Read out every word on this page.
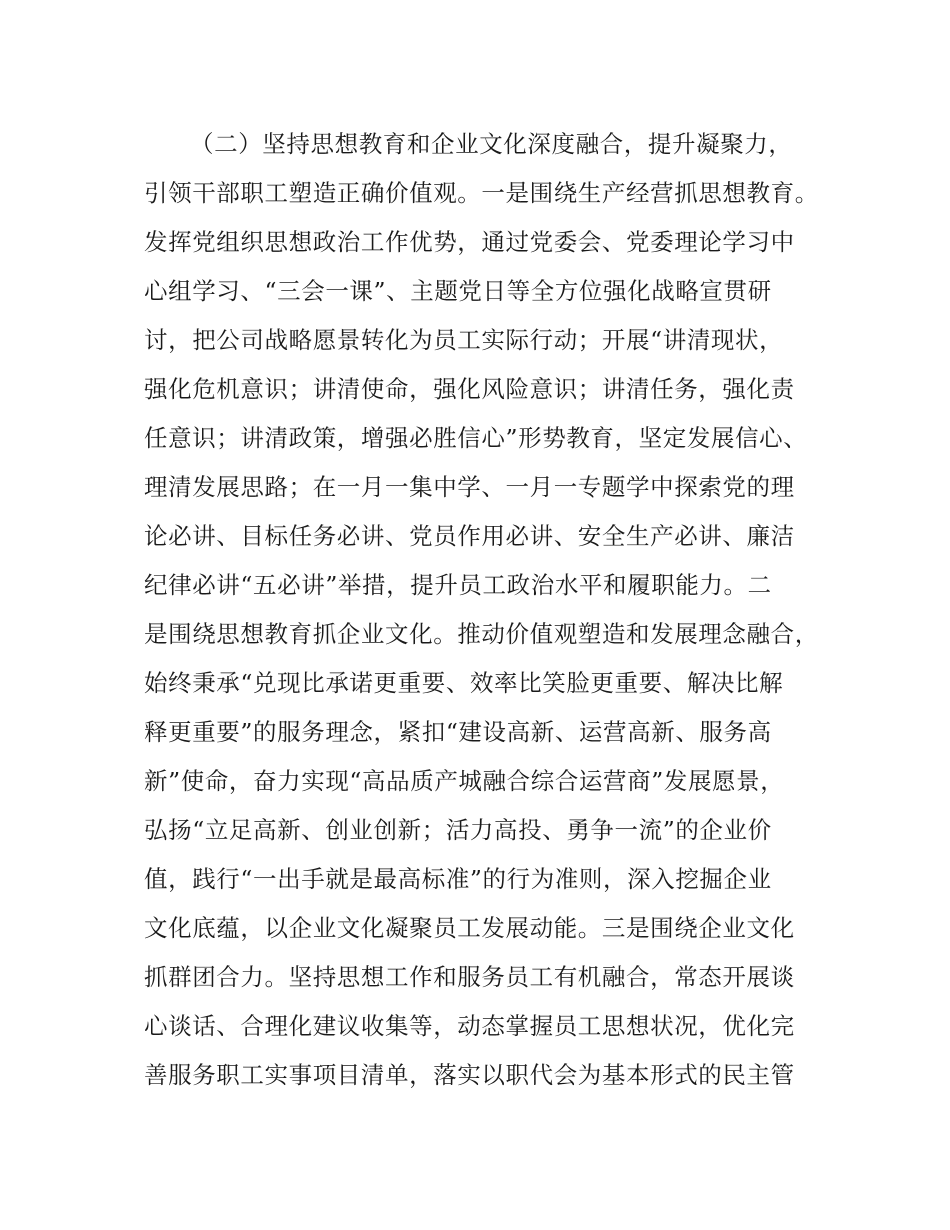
（二）坚持思想教育和企业文化深度融合，提升凝聚力，
引领干部职工塑造正确价值观。一是围绕生产经营抓思想教育。
发挥党组织思想政治工作优势，通过党委会、党委理论学习中
心组学习、“三会一课”、主题党日等全方位强化战略宣贯研
讨，把公司战略愿景转化为员工实际行动；开展“讲清现状，
强化危机意识；讲清使命，强化风险意识；讲清任务，强化责
任意识；讲清政策，增强必胜信心”形势教育，坚定发展信心、
理清发展思路；在一月一集中学、一月一专题学中探索党的理
论必讲、目标任务必讲、党员作用必讲、安全生产必讲、廉洁
纪律必讲“五必讲”举措，提升员工政治水平和履职能力。二
是围绕思想教育抓企业文化。推动价值观塑造和发展理念融合，
始终秉承“兑现比承诺更重要、效率比笑脸更重要、解决比解
释更重要”的服务理念，紧扣“建设高新、运营高新、服务高
新”使命，奋力实现“高品质产城融合综合运营商”发展愿景，
弘扬“立足高新、创业创新；活力高投、勇争一流”的企业价
值，践行“一出手就是最高标准”的行为准则，深入挖掘企业
文化底蕴，以企业文化凝聚员工发展动能。三是围绕企业文化
抓群团合力。坚持思想工作和服务员工有机融合，常态开展谈
心谈话、合理化建议收集等，动态掌握员工思想状况，优化完
善服务职工实事项目清单，落实以职代会为基本形式的民主管
